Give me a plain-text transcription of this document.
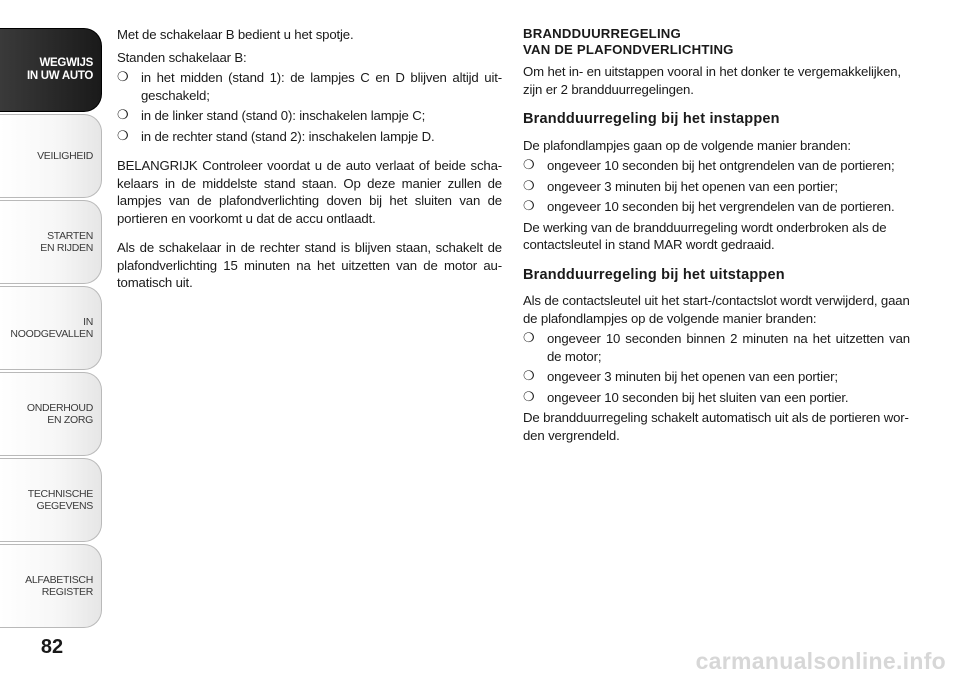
WEGWIJS
IN UW AUTO
VEILIGHEID
STARTEN
EN RIJDEN
IN NOODGEVALLEN
ONDERHOUD
EN ZORG
TECHNISCHE
GEGEVENS
ALFABETISCH
REGISTER
82

Met de schakelaar B bedient u het spotje.

Standen schakelaar B:

❍ in het midden (stand 1): de lampjes C en D blijven altijd uit-geschakeld;
❍ in de linker stand (stand 0): inschakelen lampje C;
❍ in de rechter stand (stand 2): inschakelen lampje D.

BELANGRIJK Controleer voordat u de auto verlaat of beide scha-kelaars in de middelste stand staan. Op deze manier zullen de lampjes van de plafondverlichting doven bij het sluiten van de portieren en voorkomt u dat de accu ontlaadt.

Als de schakelaar in de rechter stand is blijven staan, schakelt de plafondverlichting 15 minuten na het uitzetten van de motor au-tomatisch uit.

BRANDDUURREGELING
VAN DE PLAFONDVERLICHTING

Om het in- en uitstappen vooral in het donker te vergemakkelijken, zijn er 2 brandduurregelingen.

Brandduurregeling bij het instappen

De plafondlampjes gaan op de volgende manier branden:

❍ ongeveer 10 seconden bij het ontgrendelen van de portieren;
❍ ongeveer 3 minuten bij het openen van een portier;
❍ ongeveer 10 seconden bij het vergrendelen van de portieren.

De werking van de brandduurregeling wordt onderbroken als de contactsleutel in stand MAR wordt gedraaid.

Brandduurregeling bij het uitstappen

Als de contactsleutel uit het start-/contactslot wordt verwijderd, gaan de plafondlampjes op de volgende manier branden:

❍ ongeveer 10 seconden binnen 2 minuten na het uitzetten van de motor;
❍ ongeveer 3 minuten bij het openen van een portier;
❍ ongeveer 10 seconden bij het sluiten van een portier.

De brandduurregeling schakelt automatisch uit als de portieren wor-den vergrendeld.

carmanualsonline.info
